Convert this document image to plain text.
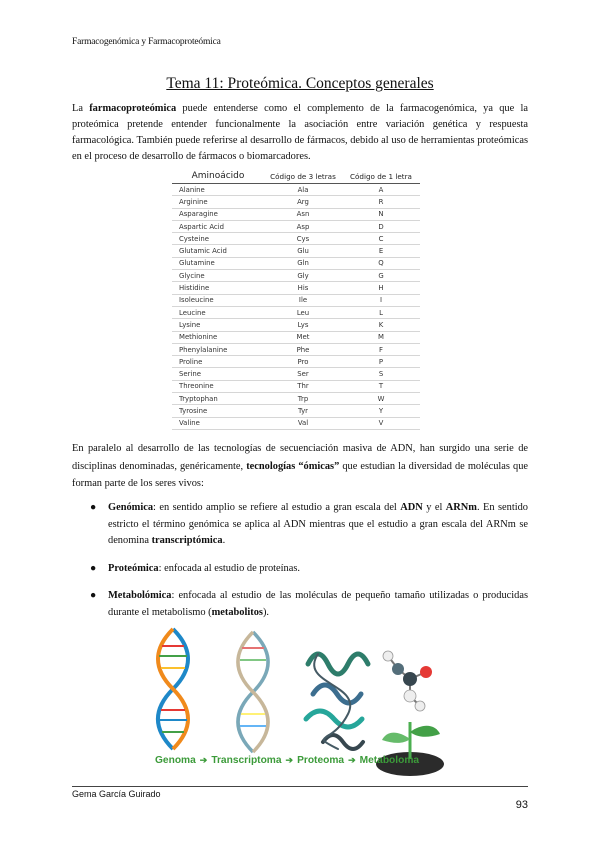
Farmacogenómica y Farmacoproteómica
Tema 11: Proteómica. Conceptos generales

La farmacoproteómica puede entenderse como el complemento de la farmacogenómica, ya que la proteómica pretende entender funcionalmente la asociación entre variación genética y respuesta farmacológica. También puede referirse al desarrollo de fármacos, debido al uso de herramientas proteómicas en el proceso de desarrollo de fármacos o biomarcadores.

Aminoácido	Código de 3 letras	Código de 1 letra
Alanine	Ala	A
Arginine	Arg	R
Asparagine	Asn	N
Aspartic Acid	Asp	D
Cysteine	Cys	C
Glutamic Acid	Glu	E
Glutamine	Gln	Q
Glycine	Gly	G
Histidine	His	H
Isoleucine	Ile	I
Leucine	Leu	L
Lysine	Lys	K
Methionine	Met	M
Phenylalanine	Phe	F
Proline	Pro	P
Serine	Ser	S
Threonine	Thr	T
Tryptophan	Trp	W
Tyrosine	Tyr	Y
Valine	Val	V

En paralelo al desarrollo de las tecnologías de secuenciación masiva de ADN, han surgido una serie de disciplinas denominadas, genéricamente, tecnologías “ómicas” que estudian la diversidad de moléculas que forman parte de los seres vivos:

● Genómica: en sentido amplio se refiere al estudio a gran escala del ADN y el ARNm. En sentido estricto el término genómica se aplica al ADN mientras que el estudio a gran escala del ARNm se denomina transcriptómica.
● Proteómica: enfocada al estudio de proteínas.
● Metabolómica: enfocada al estudio de las moléculas de pequeño tamaño utilizadas o producidas durante el metabolismo (metabolitos).
Genoma ➔ Transcriptoma ➔ Proteoma ➔ Metaboloma
Gema García Guirado
93
